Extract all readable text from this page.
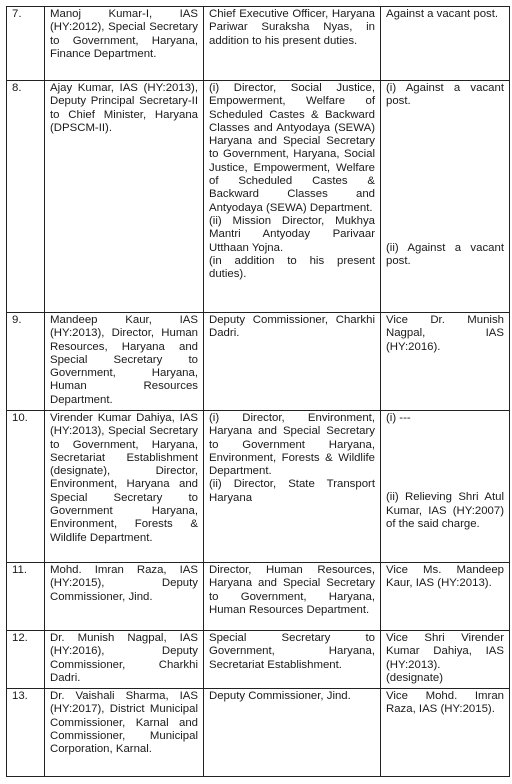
7.	Manoj Kumar-I, IAS (HY:2012), Special Secretary to Government, Haryana, Finance Department.	Chief Executive Officer, Haryana Pariwar Suraksha Nyas, in addition to his present duties.	Against a vacant post.

8.	Ajay Kumar, IAS (HY:2013), Deputy Principal Secretary-II to Chief Minister, Haryana (DPSCM-II).	(i) Director, Social Justice, Empowerment, Welfare of Scheduled Castes & Backward Classes and Antyodaya (SEWA) Haryana and Special Secretary to Government, Haryana, Social Justice, Empowerment, Welfare of Scheduled Castes & Backward Classes and Antyodaya (SEWA) Department.
(ii) Mission Director, Mukhya Mantri Antyoday Parivaar Utthaan Yojna.
(in addition to his present duties).	(i) Against a vacant post.
(ii) Against a vacant post.

9.	Mandeep Kaur, IAS (HY:2013), Director, Human Resources, Haryana and Special Secretary to Government, Haryana, Human Resources Department.	Deputy Commissioner, Charkhi Dadri.	Vice Dr. Munish Nagpal, IAS (HY:2016).

10.	Virender Kumar Dahiya, IAS (HY:2013), Special Secretary to Government, Haryana, Secretariat Establishment (designate), Director, Environment, Haryana and Special Secretary to Government Haryana, Environment, Forests & Wildlife Department.	(i) Director, Environment, Haryana and Special Secretary to Government Haryana, Environment, Forests & Wildlife Department.
(ii) Director, State Transport Haryana	(i) ---
(ii) Relieving Shri Atul Kumar, IAS (HY:2007) of the said charge.

11.	Mohd. Imran Raza, IAS (HY:2015), Deputy Commissioner, Jind.	Director, Human Resources, Haryana and Special Secretary to Government, Haryana, Human Resources Department.	Vice Ms. Mandeep Kaur, IAS (HY:2013).

12.	Dr. Munish Nagpal, IAS (HY:2016), Deputy Commissioner, Charkhi Dadri.	Special Secretary to Government, Haryana, Secretariat Establishment.	Vice Shri Virender Kumar Dahiya, IAS (HY:2013).
(designate)

13.	Dr. Vaishali Sharma, IAS (HY:2017), District Municipal Commissioner, Karnal and Commissioner, Municipal Corporation, Karnal.	Deputy Commissioner, Jind.	Vice Mohd. Imran Raza, IAS (HY:2015).
